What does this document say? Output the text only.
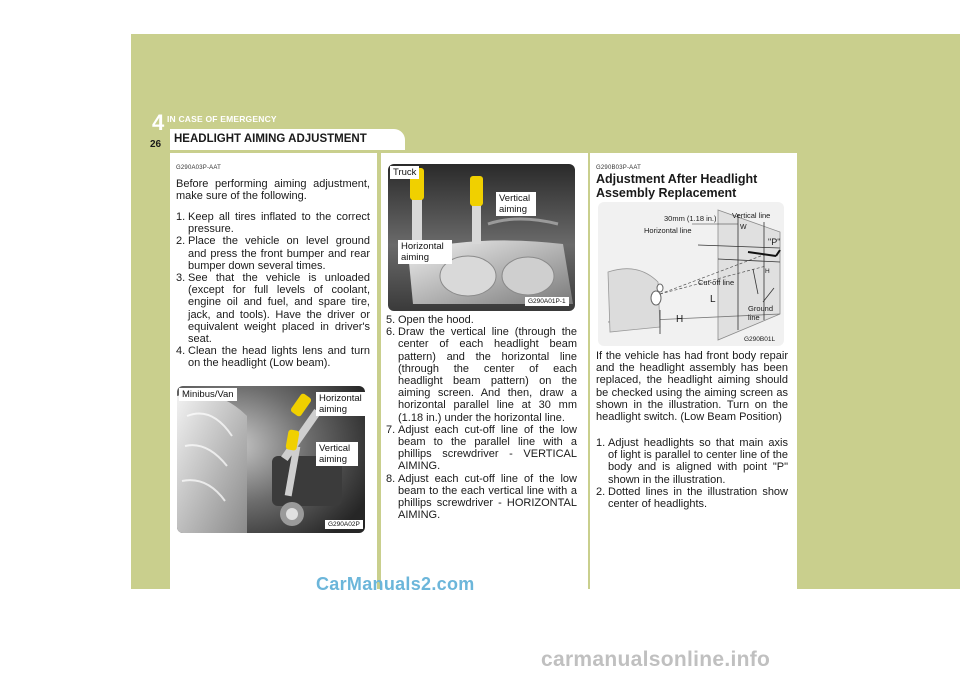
4 IN CASE OF EMERGENCY
26 HEADLIGHT AIMING ADJUSTMENT
G290A03P-AAT
Before performing aiming adjustment, make sure of the following.
1. Keep all tires inflated to the correct pressure.
2. Place the vehicle on level ground and press the front bumper and rear bumper down several times.
3. See that the vehicle is unloaded (except for full levels of coolant, engine oil and fuel, and spare tire, jack, and tools). Have the driver or equivalent weight placed in driver's seat.
4. Clean the head lights lens and turn on the headlight (Low beam).
Minibus/Van	Horizontal aiming
Vertical aiming
G290A02P
Truck
Vertical aiming
Horizontal aiming
G290A01P-1
5. Open the hood.
6. Draw the vertical line (through the center of each headlight beam pattern) and the horizontal line (through the center of each headlight beam pattern) on the aiming screen. And then, draw a horizontal parallel line at 30 mm (1.18 in.) under the horizontal line.
7. Adjust each cut-off line of the low beam to the parallel line with a phillips screwdriver - VERTICAL AIMING.
8. Adjust each cut-off line of the low beam to the each vertical line with a phillips screwdriver - HORIZONTAL AIMING.
G290B03P-AAT
Adjustment After Headlight Assembly Replacement
Vertical line
30mm (1.18 in.)
Horizontal line	W
"P"
H
Cut-off line
L
H
Ground line
G290B01L
If the vehicle has had front body repair and the headlight assembly has been replaced, the headlight aiming should be checked using the aiming screen as shown in the illustration. Turn on the headlight switch. (Low Beam Position)
1. Adjust headlights so that main axis of light is parallel to center line of the body and is aligned with point "P" shown in the illustration.
2. Dotted lines in the illustration show center of headlights.
CarManuals2.com
carmanualsonline.info
